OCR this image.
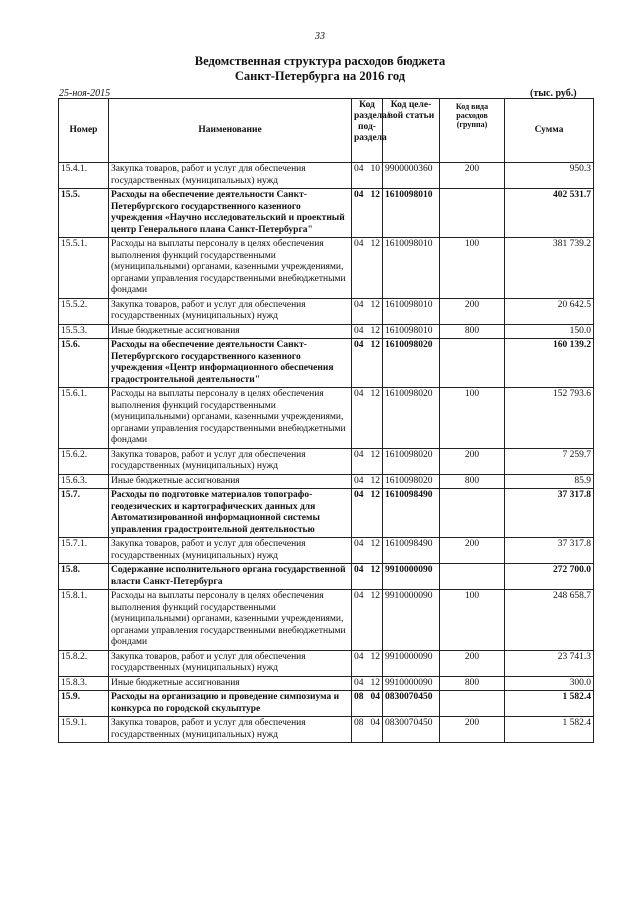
33
Ведомственная структура расходов бюджета
Санкт-Петербурга на 2016 год
25-ноя-2015	(тыс. руб.)
Номер	Наименование	Код раздела/ под- раздела		Код целе- вой статьи	Код вида расходов (группа)	Сумма
15.4.1.	Закупка товаров, работ и услуг для обеспечения государственных (муниципальных) нужд	04	10	9900000360	200	950.3
15.5.	Расходы на обеспечение деятельности Санкт-Петербургского государственного казенного учреждения «Научно исследовательский и проектный центр Генерального плана Санкт-Петербурга"	04	12	1610098010		402 531.7
15.5.1.	Расходы на выплаты персоналу в целях обеспечения выполнения функций государственными (муниципальными) органами, казенными учреждениями, органами управления государственными внебюджетными фондами	04	12	1610098010	100	381 739.2
15.5.2.	Закупка товаров, работ и услуг для обеспечения государственных (муниципальных) нужд	04	12	1610098010	200	20 642.5
15.5.3.	Иные бюджетные ассигнования	04	12	1610098010	800	150.0
15.6.	Расходы на обеспечение деятельности Санкт-Петербургского государственного казенного учреждения «Центр информационного обеспечения градостроительной деятельности"	04	12	1610098020		160 139.2
15.6.1.	Расходы на выплаты персоналу в целях обеспечения выполнения функций государственными (муниципальными) органами, казенными учреждениями, органами управления государственными внебюджетными фондами	04	12	1610098020	100	152 793.6
15.6.2.	Закупка товаров, работ и услуг для обеспечения государственных (муниципальных) нужд	04	12	1610098020	200	7 259.7
15.6.3.	Иные бюджетные ассигнования	04	12	1610098020	800	85.9
15.7.	Расходы по подготовке материалов топографо-геодезических и картографических данных для Автоматизированной информационной системы управления градостроительной деятельностью	04	12	1610098490		37 317.8
15.7.1.	Закупка товаров, работ и услуг для обеспечения государственных (муниципальных) нужд	04	12	1610098490	200	37 317.8
15.8.	Содержание исполнительного органа государственной власти Санкт-Петербурга	04	12	9910000090		272 700.0
15.8.1.	Расходы на выплаты персоналу в целях обеспечения выполнения функций государственными (муниципальными) органами, казенными учреждениями, органами управления государственными внебюджетными фондами	04	12	9910000090	100	248 658.7
15.8.2.	Закупка товаров, работ и услуг для обеспечения государственных (муниципальных) нужд	04	12	9910000090	200	23 741.3
15.8.3.	Иные бюджетные ассигнования	04	12	9910000090	800	300.0
15.9.	Расходы на организацию и проведение симпозиума и конкурса по городской скульптуре	08	04	0830070450		1 582.4
15.9.1.	Закупка товаров, работ и услуг для обеспечения государственных (муниципальных) нужд	08	04	0830070450	200	1 582.4
